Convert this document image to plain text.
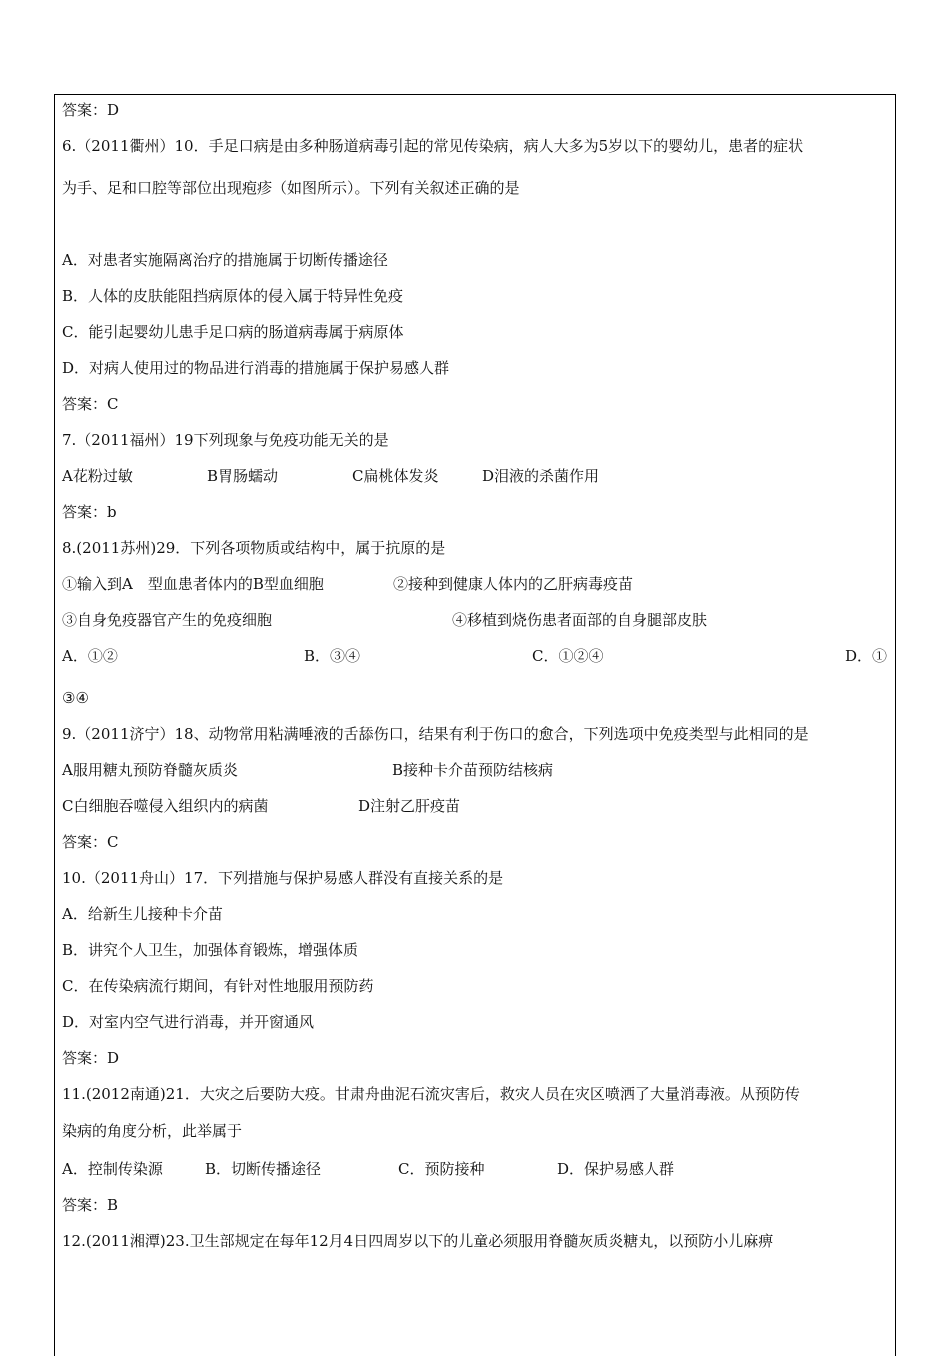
答案：D
6.（2011衢州）10．手足口病是由多种肠道病毒引起的常见传染病，病人大多为5岁以下的婴幼儿，患者的症状
为手、足和口腔等部位出现疱疹（如图所示）。下列有关叙述正确的是
A．对患者实施隔离治疗的措施属于切断传播途径
B．人体的皮肤能阻挡病原体的侵入属于特异性免疫
C．能引起婴幼儿患手足口病的肠道病毒属于病原体
D．对病人使用过的物品进行消毒的措施属于保护易感人群
答案：C
7.（2011福州）19下列现象与免疫功能无关的是
A花粉过敏	B胃肠蠕动	C扁桃体发炎	D泪液的杀菌作用
答案：b
8.(2011苏州)29．下列各项物质或结构中，属于抗原的是
①输入到A　型血患者体内的B型血细胞	②接种到健康人体内的乙肝病毒疫苗
③自身免疫器官产生的免疫细胞	④移植到烧伤患者面部的自身腿部皮肤
A．①②	B．③④	C．①②④	D．①
③④
9.（2011济宁）18、动物常用粘满唾液的舌舔伤口，结果有利于伤口的愈合，下列选项中免疫类型与此相同的是
A服用糖丸预防脊髓灰质炎	B接种卡介苗预防结核病
C白细胞吞噬侵入组织内的病菌	D注射乙肝疫苗
答案：C
10.（2011舟山）17．下列措施与保护易感人群没有直接关系的是
A．给新生儿接种卡介苗
B．讲究个人卫生，加强体育锻炼，增强体质
C．在传染病流行期间，有针对性地服用预防药
D．对室内空气进行消毒，并开窗通风
答案：D
11.(2012南通)21．大灾之后要防大疫。甘肃舟曲泥石流灾害后，救灾人员在灾区喷洒了大量消毒液。从预防传
染病的角度分析，此举属于
A．控制传染源	B．切断传播途径	C．预防接种	D．保护易感人群
答案：B
12.(2011湘潭)23.卫生部规定在每年12月4日四周岁以下的儿童必须服用脊髓灰质炎糖丸，以预防小儿麻痹
